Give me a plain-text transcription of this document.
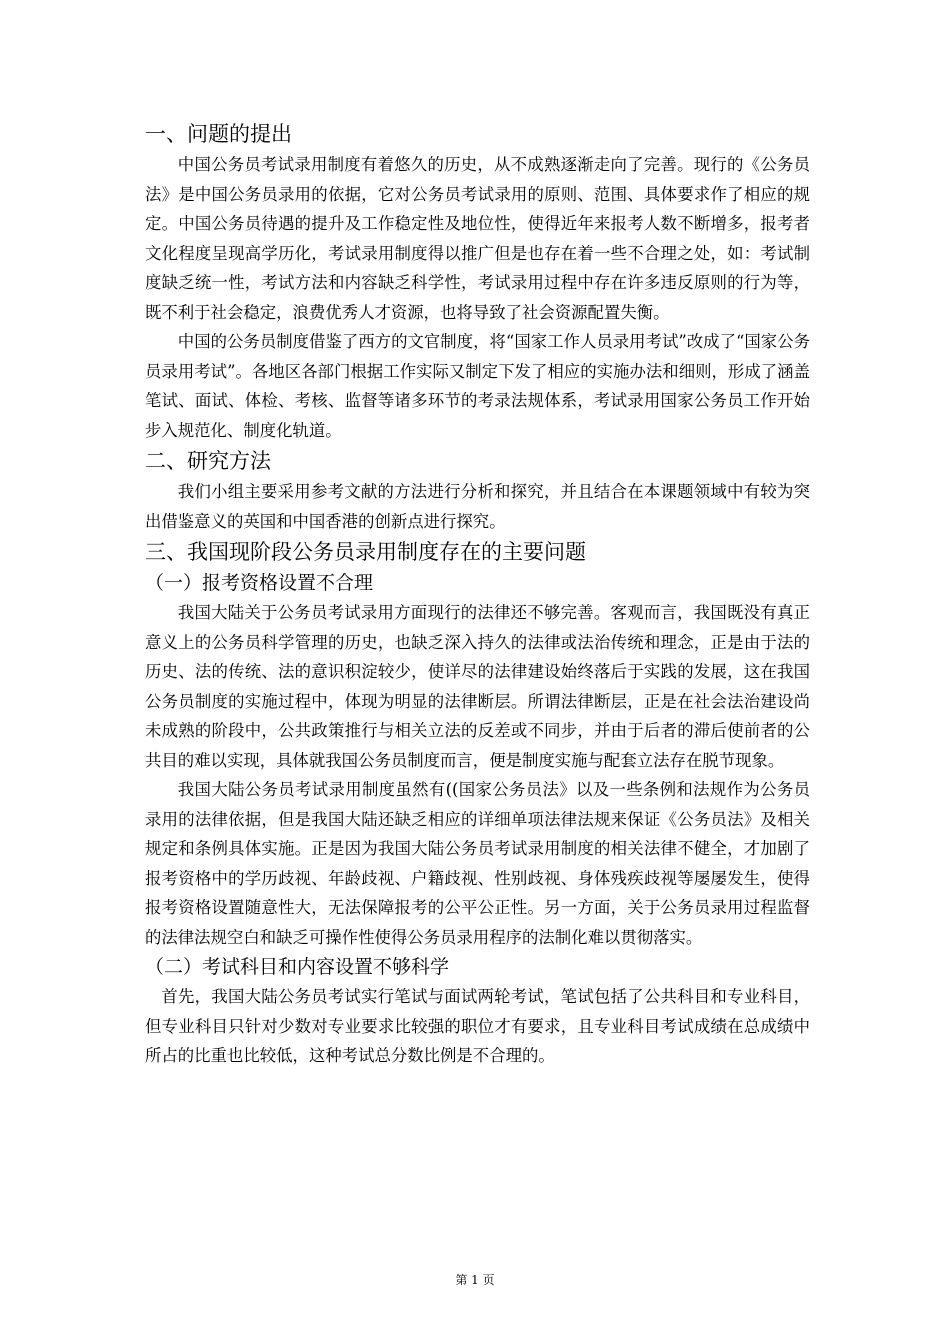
一、问题的提出

中国公务员考试录用制度有着悠久的历史，从不成熟逐渐走向了完善。现行的《公务员法》是中国公务员录用的依据，它对公务员考试录用的原则、范围、具体要求作了相应的规定。中国公务员待遇的提升及工作稳定性及地位性，使得近年来报考人数不断增多，报考者文化程度呈现高学历化，考试录用制度得以推广但是也存在着一些不合理之处，如：考试制度缺乏统一性，考试方法和内容缺乏科学性，考试录用过程中存在许多违反原则的行为等，既不利于社会稳定，浪费优秀人才资源，也将导致了社会资源配置失衡。

中国的公务员制度借鉴了西方的文官制度，将“国家工作人员录用考试”改成了“国家公务员录用考试”。各地区各部门根据工作实际又制定下发了相应的实施办法和细则，形成了涵盖笔试、面试、体检、考核、监督等诸多环节的考录法规体系，考试录用国家公务员工作开始步入规范化、制度化轨道。

二、研究方法

我们小组主要采用参考文献的方法进行分析和探究，并且结合在本课题领域中有较为突出借鉴意义的英国和中国香港的创新点进行探究。

三、我国现阶段公务员录用制度存在的主要问题
（一）报考资格设置不合理

我国大陆关于公务员考试录用方面现行的法律还不够完善。客观而言，我国既没有真正意义上的公务员科学管理的历史，也缺乏深入持久的法律或法治传统和理念，正是由于法的历史、法的传统、法的意识积淀较少，使详尽的法律建设始终落后于实践的发展，这在我国公务员制度的实施过程中，体现为明显的法律断层。所谓法律断层，正是在社会法治建设尚未成熟的阶段中，公共政策推行与相关立法的反差或不同步，并由于后者的滞后使前者的公共目的难以实现，具体就我国公务员制度而言，便是制度实施与配套立法存在脱节现象。

我国大陆公务员考试录用制度虽然有((国家公务员法》以及一些条例和法规作为公务员录用的法律依据，但是我国大陆还缺乏相应的详细单项法律法规来保证《公务员法》及相关规定和条例具体实施。正是因为我国大陆公务员考试录用制度的相关法律不健全，才加剧了报考资格中的学历歧视、年龄歧视、户籍歧视、性别歧视、身体残疾歧视等屡屡发生，使得报考资格设置随意性大，无法保障报考的公平公正性。另一方面，关于公务员录用过程监督的法律法规空白和缺乏可操作性使得公务员录用程序的法制化难以贯彻落实。

（二）考试科目和内容设置不够科学

首先，我国大陆公务员考试实行笔试与面试两轮考试，笔试包括了公共科目和专业科目，但专业科目只针对少数对专业要求比较强的职位才有要求，且专业科目考试成绩在总成绩中所占的比重也比较低，这种考试总分数比例是不合理的。

第 1 页
